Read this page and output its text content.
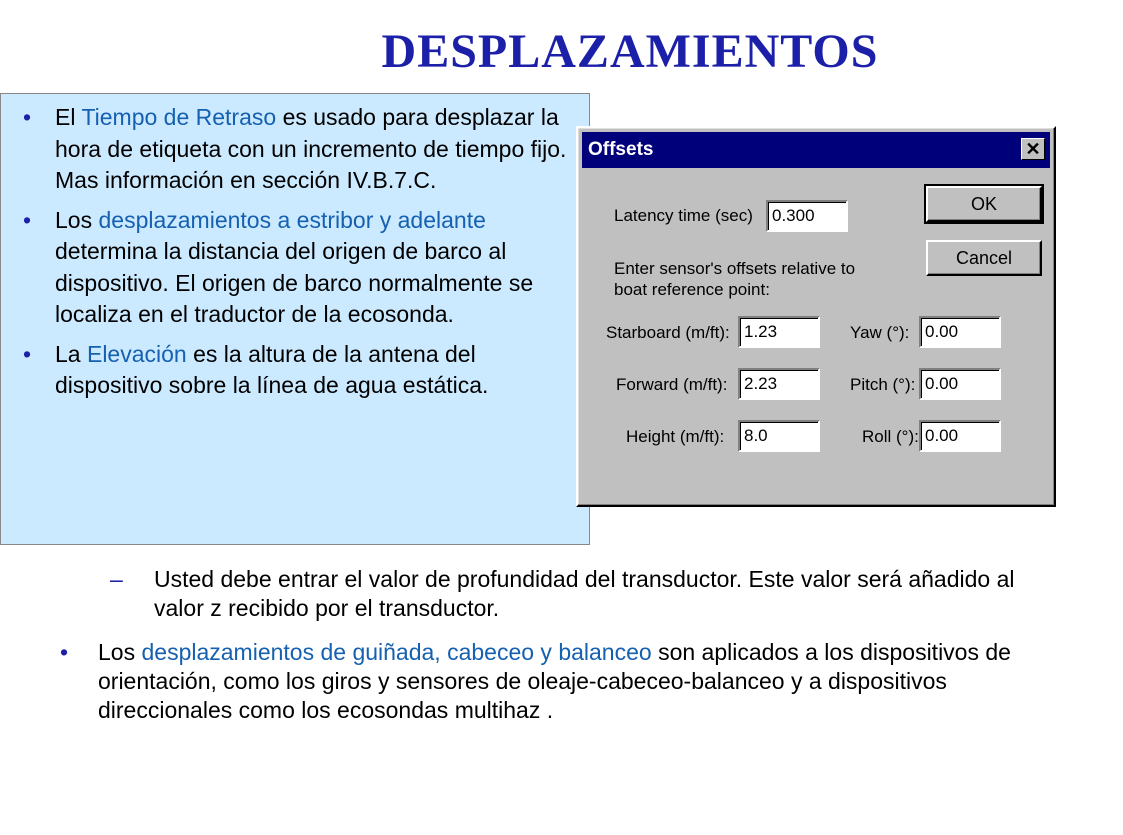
DESPLAZAMIENTOS
• El Tiempo de Retraso es usado para desplazar la hora de etiqueta con un incremento de tiempo fijo. Mas información en sección IV.B.7.C.
• Los desplazamientos a estribor y adelante determina la distancia del origen de barco al dispositivo. El origen de barco normalmente se localiza en el traductor de la ecosonda.
• La Elevación es la altura de la antena del dispositivo sobre la línea de agua estática.
Offsets	✕
Latency time (sec)	0.300
OK
Cancel
Enter sensor's offsets relative to
boat reference point:
Starboard (m/ft): 1.23	Yaw (°): 0.00
Forward (m/ft): 2.23	Pitch (°): 0.00
Height (m/ft):	8.0	Roll (°): 0.00
– Usted debe entrar el valor de profundidad del transductor. Este valor será añadido al valor z recibido por el transductor.
• Los desplazamientos de guiñada, cabeceo y balanceo son aplicados a los dispositivos de orientación, como los giros y sensores de oleaje-cabeceo-balanceo y a dispositivos direccionales como los ecosondas multihaz .
